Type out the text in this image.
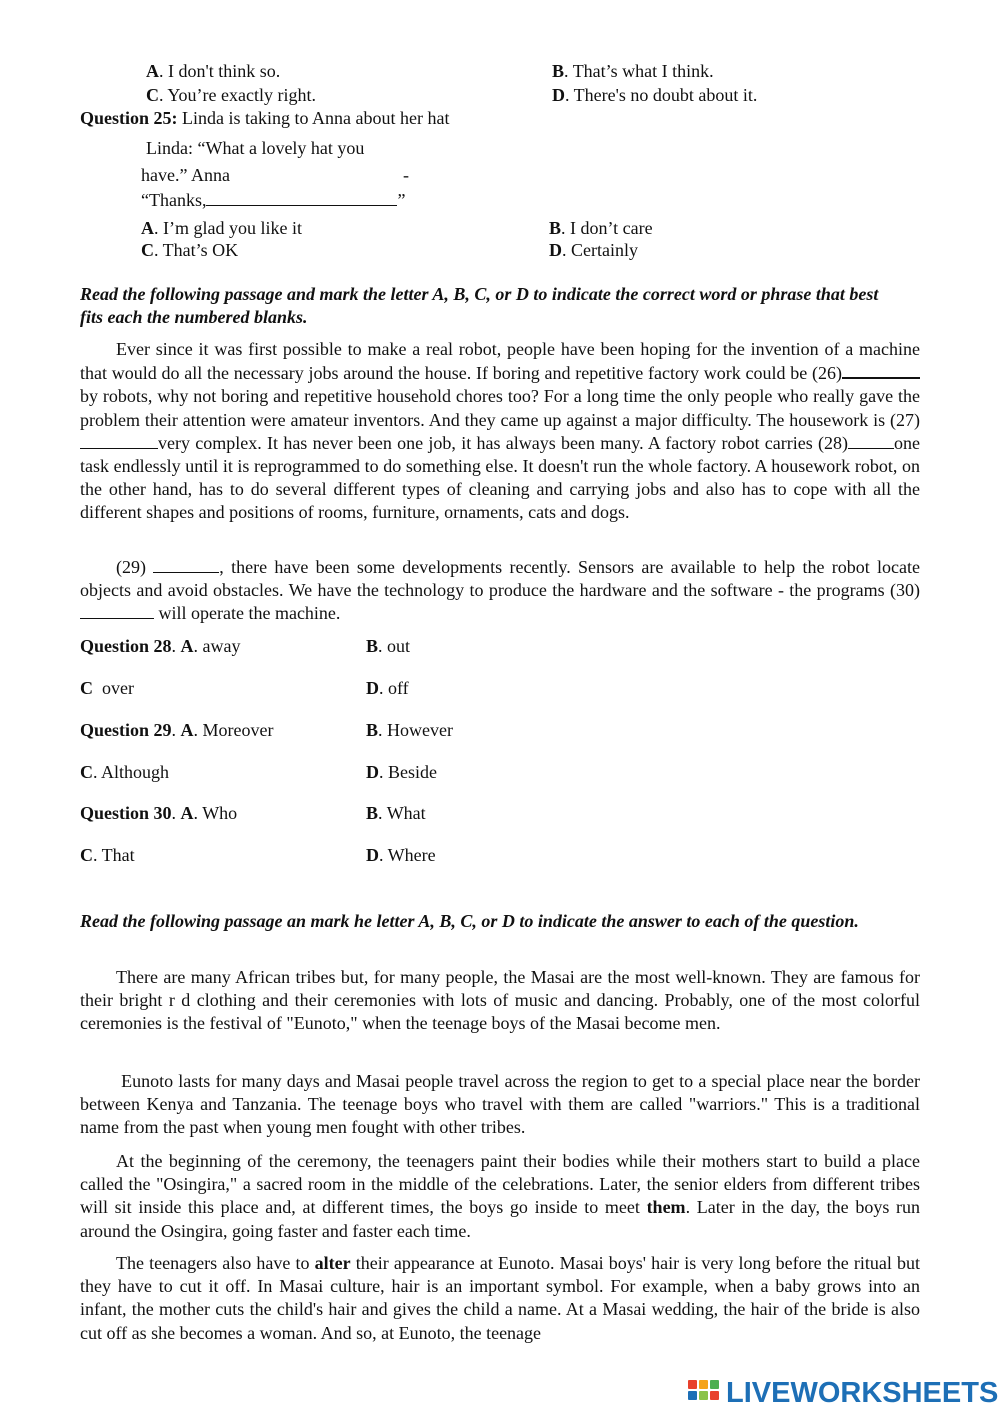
A. I don't think so.	B. That’s what I think.
C. You’re exactly right.	D. There's no doubt about it.
Question 25: Linda is taking to Anna about her hat
Linda: “What a lovely hat you
have.” Anna	-
“Thanks,	”
A. I’m glad you like it	B. I don’t care
C. That’s OK	D. Certainly
Read the following passage and mark the letter A, B, C, or D to indicate the correct word or phrase that best fits each the numbered blanks.
Ever since it was first possible to make a real robot, people have been hoping for the invention of a machine that would do all the necessary jobs around the house. If boring and repetitive factory work could be (26)by robots, why not boring and repetitive household chores too? For a long time the only people who really gave the problem their attention were amateur inventors. And they came up against a major difficulty. The housework is (27)very complex. It has never been one job, it has always been many. A factory robot carries (28)	one task endlessly until it is reprogrammed to do something else. It doesn't run the whole factory. A housework robot, on the other hand, has to do several different types of cleaning and carrying jobs and also has to cope with all the different shapes and positions of rooms, furniture, ornaments, cats and dogs.
(29)	, there have been some developments recently. Sensors are available to help the robot locate objects and avoid obstacles. We have the technology to produce the hardware and the software - the programs (30)  will operate the machine.
Question 28. A. away	B. out
C  over	D. off
Question 29. A. Moreover	B. However
C. Although	D. Beside
Question 30. A. Who	B. What
C. That	D. Where
Read the following passage an mark he letter A, B, C, or D to indicate the answer to each of the question.
There are many African tribes but, for many people, the Masai are the most well-known. They are famous for their bright r d clothing and their ceremonies with lots of music and dancing. Probably, one of the most colorful ceremonies is the festival of "Eunoto," when the teenage boys of the Masai become men.
Eunoto lasts for many days and Masai people travel across the region to get to a special place near the border between Kenya and Tanzania. The teenage boys who travel with them are called "warriors." This is a traditional name from the past when young men fought with other tribes.
At the beginning of the ceremony, the teenagers paint their bodies while their mothers start to build a place called the "Osingira," a sacred room in the middle of the celebrations. Later, the senior elders from different tribes will sit inside this place and, at different times, the boys go inside to meet them. Later in the day, the boys run around the Osingira, going faster and faster each time.
The teenagers also have to alter their appearance at Eunoto. Masai boys' hair is very long before the ritual but they have to cut it off. In Masai culture, hair is an important symbol. For example, when a baby grows into an infant, the mother cuts the child's hair and gives the child a name. At a Masai wedding, the hair of the bride is also cut off as she becomes a woman. And so, at Eunoto, the teenage
LIVEWORKSHEETS
